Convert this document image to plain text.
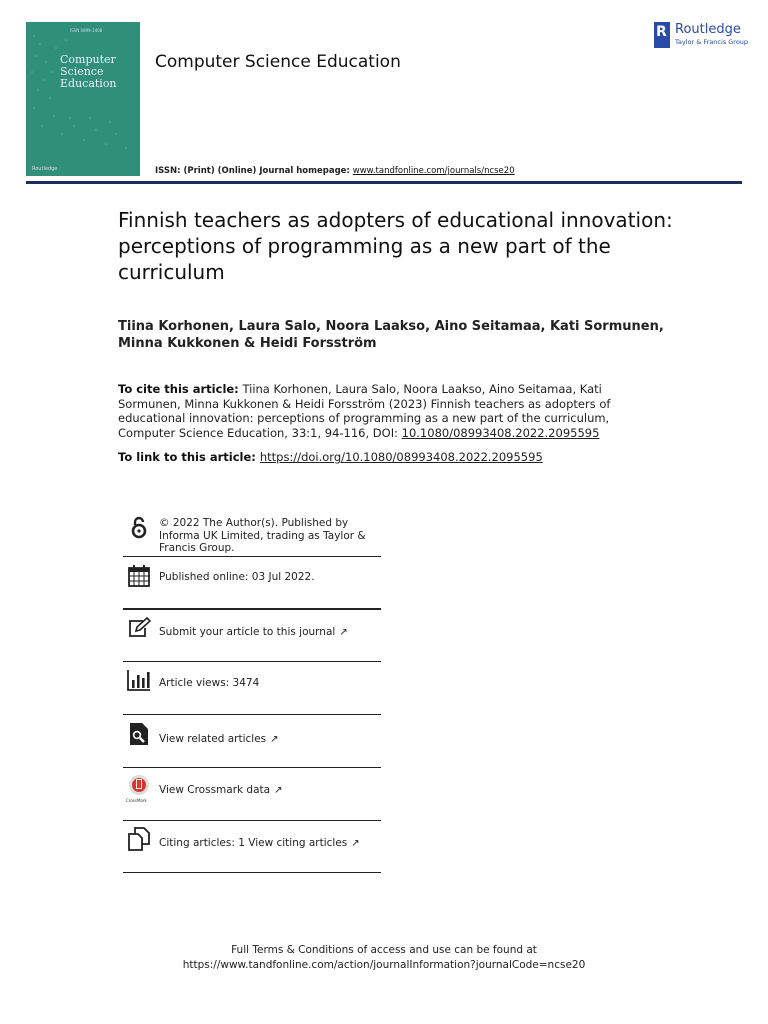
ISSN 0899-3408
Computer
Science
Education
Routledge
Computer Science Education
ISSN: (Print) (Online) Journal homepage: www.tandfonline.com/journals/ncse20
R
Routledge
Taylor & Francis Group
Finnish teachers as adopters of educational innovation: perceptions of programming as a new part of the curriculum
Tiina Korhonen, Laura Salo, Noora Laakso, Aino Seitamaa, Kati Sormunen, Minna Kukkonen & Heidi Forsström
To cite this article: Tiina Korhonen, Laura Salo, Noora Laakso, Aino Seitamaa, Kati Sormunen, Minna Kukkonen & Heidi Forsström (2023) Finnish teachers as adopters of educational innovation: perceptions of programming as a new part of the curriculum, Computer Science Education, 33:1, 94-116, DOI: 10.1080/08993408.2022.2095595
To link to this article: https://doi.org/10.1080/08993408.2022.2095595
© 2022 The Author(s). Published by Informa UK Limited, trading as Taylor & Francis Group.
Published online: 03 Jul 2022.
Submit your article to this journal ↗
Article views: 3474
View related articles ↗
CrossMark
View Crossmark data ↗
Citing articles: 1 View citing articles ↗
Full Terms & Conditions of access and use can be found at
https://www.tandfonline.com/action/journalInformation?journalCode=ncse20
